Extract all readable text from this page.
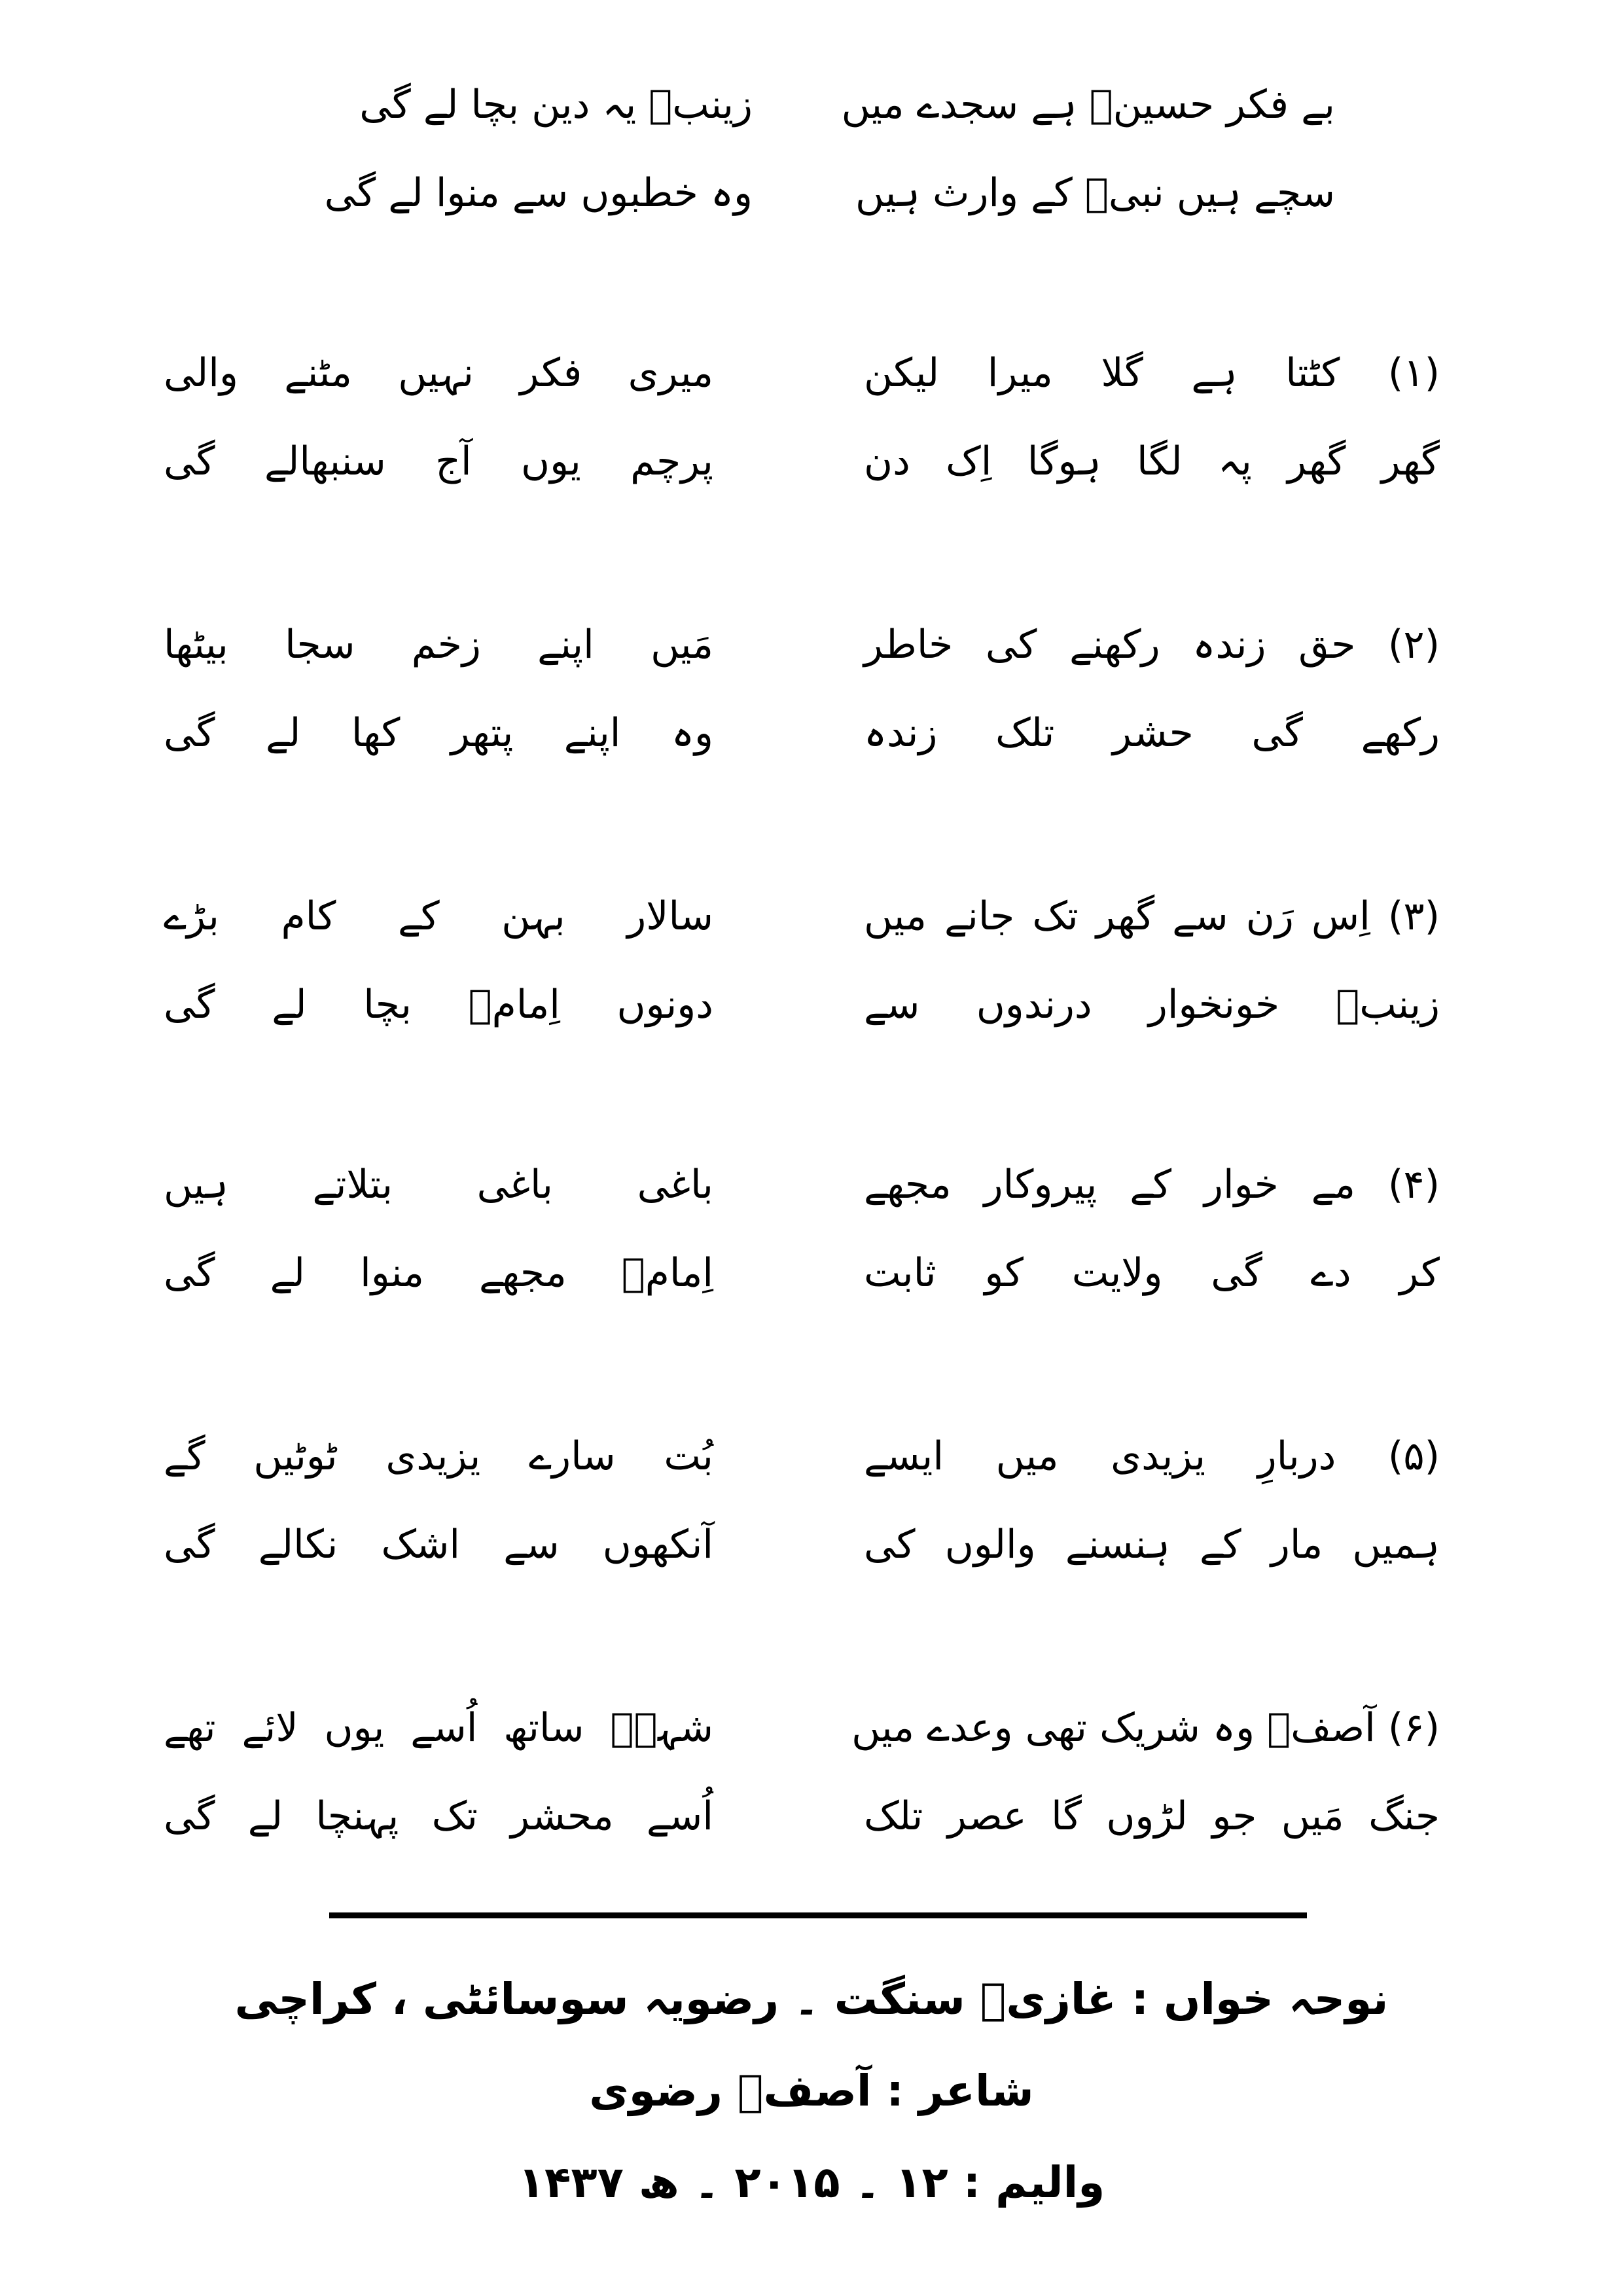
بے فکر حسینؑ ہے سجدے میں
زینبؑ یہ دین بچا لے گی
سچے ہیں نبیؐ کے وارث ہیں
وہ خطبوں سے منوا لے گی
(۱) کٹتا ہے گلا میرا لیکن
میری فکر نہیں مٹنے والی
گھر گھر پہ لگا ہوگا اِک دن
پرچم یوں آج سنبھالے گی
(۲) حق زندہ رکھنے کی خاطر
مَیں اپنے زخم سجا بیٹھا
رکھے گی حشر تلک زندہ
وہ اپنے پتھر کھا لے گی
(۳) اِس رَن سے گھر تک جانے میں
سالار بہن کے کام بڑے
زینبؑ خونخوار درندوں سے
دونوں اِمامؑ بچا لے گی
(۴) مے خوار کے پیروکار مجھے
باغی باغی بتلاتے ہیں
کر دے گی ولایت کو ثابت
اِمامؑ مجھے منوا لے گی
(۵) دربارِ یزیدی میں ایسے
بُت سارے یزیدی ٹوٹیں گے
ہمیں مار کے ہنسنے والوں کی
آنکھوں سے اشک نکالے گی
(۶) آصفؔ وہ شریک تھی وعدے میں
شہہؑ ساتھ اُسے یوں لائے تھے
جنگ مَیں جو لڑوں گا عصر تلک
اُسے محشر تک پہنچا لے گی
نوحہ خواں : غازیؑ سنگت ۔ رضویہ سوسائٹی ، کراچی
شاعر : آصفؔ رضوی
والیم : ۱۲ ۔ ۲۰۱۵ ۔ ھ ۱۴۳۷
